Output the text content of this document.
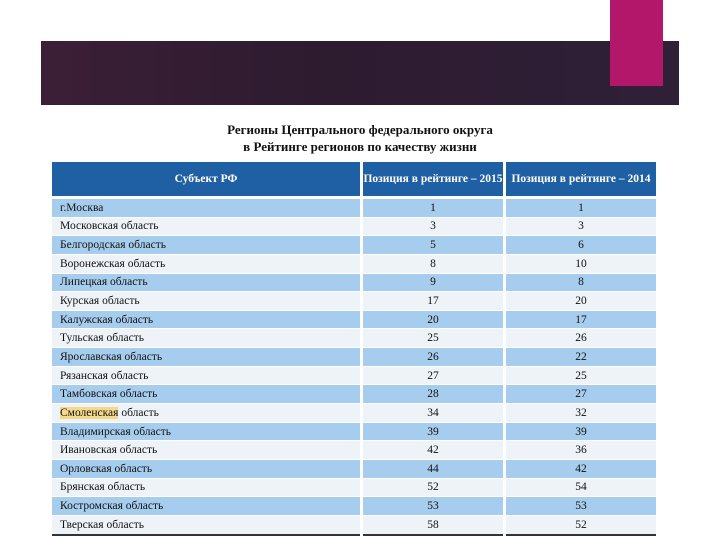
Регионы Центрального федерального округа
в Рейтинге регионов по качеству жизни
Субъект РФ	Позиция в рейтинге – 2015	Позиция в рейтинге – 2014
г.Москва	1	1
Московская область	3	3
Белгородская область	5	6
Воронежская область	8	10
Липецкая область	9	8
Курская область	17	20
Калужская область	20	17
Тульская область	25	26
Ярославская область	26	22
Рязанская область	27	25
Тамбовская область	28	27
Смоленская область	34	32
Владимирская область	39	39
Ивановская область	42	36
Орловская область	44	42
Брянская область	52	54
Костромская область	53	53
Тверская область	58	52
